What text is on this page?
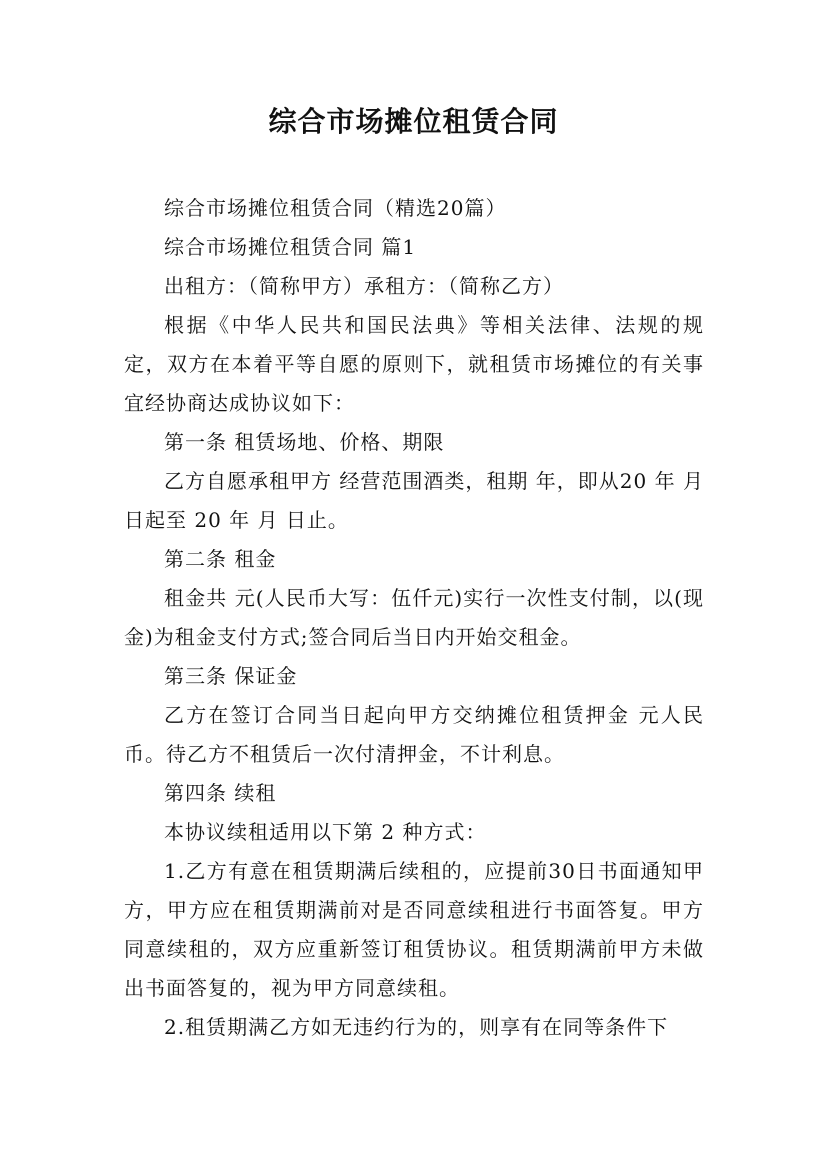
综合市场摊位租赁合同

综合市场摊位租赁合同（精选20篇）

综合市场摊位租赁合同 篇1

出租方：（简称甲方）承租方：（简称乙方）

根据《中华人民共和国民法典》等相关法律、法规的规定，双方在本着平等自愿的原则下，就租赁市场摊位的有关事宜经协商达成协议如下：

第一条 租赁场地、价格、期限

乙方自愿承租甲方 经营范围酒类，租期 年，即从20 年 月 日起至 20 年 月 日止。

第二条 租金

租金共 元(人民币大写：伍仟元)实行一次性支付制，以(现金)为租金支付方式;签合同后当日内开始交租金。

第三条 保证金

乙方在签订合同当日起向甲方交纳摊位租赁押金 元人民币。待乙方不租赁后一次付清押金，不计利息。

第四条 续租

本协议续租适用以下第 2 种方式：

1.乙方有意在租赁期满后续租的，应提前30日书面通知甲方，甲方应在租赁期满前对是否同意续租进行书面答复。甲方同意续租的，双方应重新签订租赁协议。租赁期满前甲方未做出书面答复的，视为甲方同意续租。

2.租赁期满乙方如无违约行为的，则享有在同等条件下
